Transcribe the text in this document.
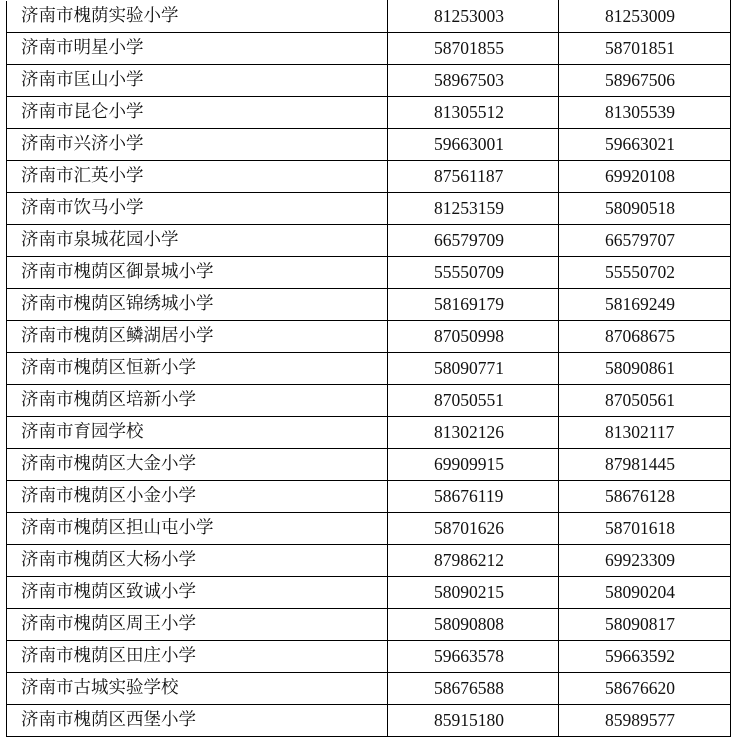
济南市槐荫实验小学	81253003	81253009
济南市明星小学	58701855	58701851
济南市匡山小学	58967503	58967506
济南市昆仑小学	81305512	81305539
济南市兴济小学	59663001	59663021
济南市汇英小学	87561187	69920108
济南市饮马小学	81253159	58090518
济南市泉城花园小学	66579709	66579707
济南市槐荫区御景城小学	55550709	55550702
济南市槐荫区锦绣城小学	58169179	58169249
济南市槐荫区鳞湖居小学	87050998	87068675
济南市槐荫区恒新小学	58090771	58090861
济南市槐荫区培新小学	87050551	87050561
济南市育园学校	81302126	81302117
济南市槐荫区大金小学	69909915	87981445
济南市槐荫区小金小学	58676119	58676128
济南市槐荫区担山屯小学	58701626	58701618
济南市槐荫区大杨小学	87986212	69923309
济南市槐荫区致诚小学	58090215	58090204
济南市槐荫区周王小学	58090808	58090817
济南市槐荫区田庄小学	59663578	59663592
济南市古城实验学校	58676588	58676620
济南市槐荫区西堡小学	85915180	85989577
